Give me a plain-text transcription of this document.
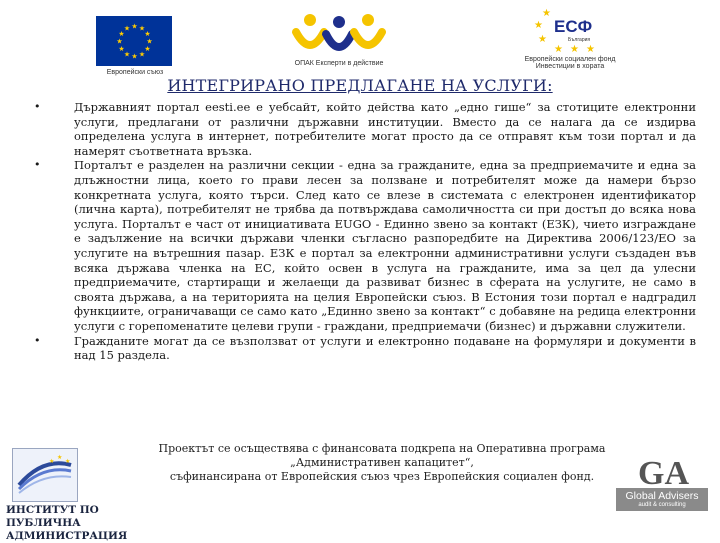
★ ★
★
★
★
★
★
★
★
★
★
★
Европейски съюз
ОПАК Експерти в действие
★
★
★
★ ★ ★
ЕСФ
България
Европейски социален фонд
Инвестиции в хората
ИНТЕГРИРАНО ПРЕДЛАГАНЕ НА УСЛУГИ:
• Държавният портал eesti.ee е уебсайт, който действа като „едно гише“ за стотиците електронни услуги, предлагани от различни държавни институции. Вместо да се налага да се издирва определена услуга в интернет, потребителите могат просто да се отправят към този портал и да намерят съответната връзка.
• Порталът е разделен на различни секции - една за гражданите, една за предприемачите и една за длъжностни лица, което го прави лесен за ползване и потребителят може да намери бързо конкретната услуга, която търси. След като се влезе в системата с електронен идентификатор (лична карта), потребителят не трябва да потвърждава самоличността си при достъп до всяка нова услуга. Порталът е част от инициативата EUGO - Единно звено за контакт (ЕЗК), чието изграждане е задължение на всички държави членки съгласно разпоредбите на Директива 2006/123/ЕО за услугите на вътрешния пазар. ЕЗК е портал за електронни административни услуги създаден във всяка държава членка на ЕС, който освен в услуга на гражданите, има за цел да улесни предприемачите, стартиращи и желаещи да развиват бизнес в сферата на услугите, не само в своята държава, а на територията на целия Европейски съюз. В Естония този портал е надградил функциите, ограничаващи се само като „Единно звено за контакт“ с добавяне на редица електронни услуги с горепоменатите целеви групи - граждани, предприемачи (бизнес) и държавни служители.
• Гражданите могат да се възползват от услуги и електронно подаване на формуляри и документи в над 15 раздела.
★
★
★
ИНСТИТУТ ПО ПУБЛИЧНА
АДМИНИСТРАЦИЯ
Проектът се осъществява с финансовата подкрепа на Оперативна програма
„Административен капацитет“,
съфинансирана от Европейския съюз чрез Европейския социален фонд.	GA
Global Advisers
audit & consulting
